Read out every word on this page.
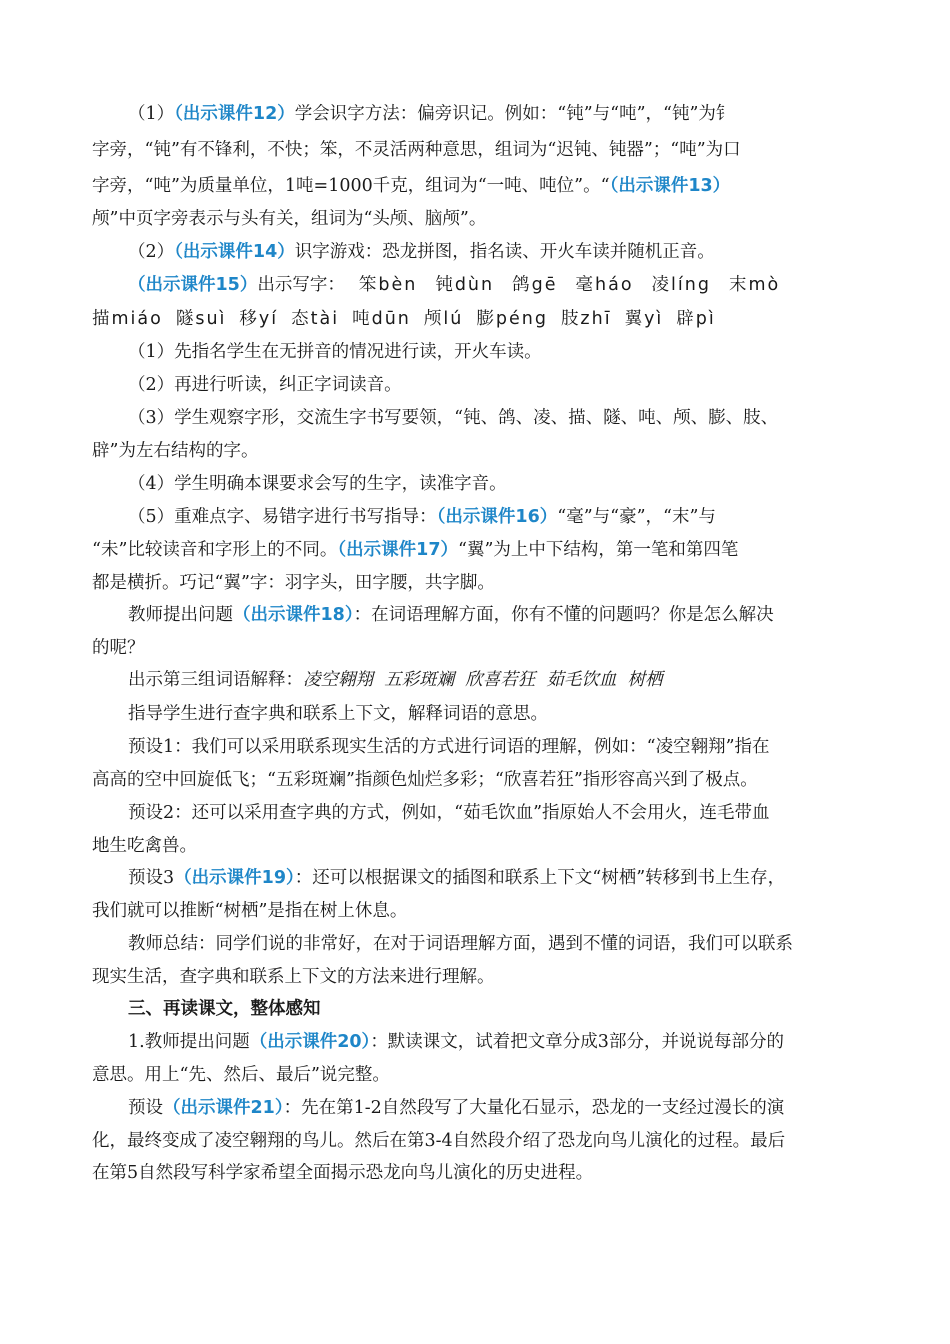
（1）（出示课件12）学会识字方法：偏旁识记。例如：“钝”与“吨”，“钝”为钅
字旁，“钝”有不锋利，不快；笨，不灵活两种意思，组词为“迟钝、钝器”；“吨”为口
字旁，“吨”为质量单位，1吨=1000千克，组词为“一吨、吨位”。“（出示课件13）
颅”中页字旁表示与头有关，组词为“头颅、脑颅”。
（2）（出示课件14）识字游戏：恐龙拼图，指名读、开火车读并随机正音。
（出示课件15）出示写字： 笨bèn 钝dùn 鸽gē 毫háo 凌líng 末mò
描miáo 隧suì 移yí 态tài 吨dūn 颅lú 膨péng 肢zhī 翼yì 辟pì
（1）先指名学生在无拼音的情况进行读，开火车读。
（2）再进行听读，纠正字词读音。
（3）学生观察字形，交流生字书写要领，“钝、鸽、凌、描、隧、吨、颅、膨、肢、
辟”为左右结构的字。
（4）学生明确本课要求会写的生字，读准字音。
（5）重难点字、易错字进行书写指导：（出示课件16）“毫”与“豪”，“末”与
“未”比较读音和字形上的不同。（出示课件17）“翼”为上中下结构，第一笔和第四笔
都是横折。巧记“翼”字：羽字头，田字腰，共字脚。
教师提出问题（出示课件18）：在词语理解方面，你有不懂的问题吗？你是怎么解决
的呢？
出示第三组词语解释：凌空翱翔  五彩斑斓  欣喜若狂  茹毛饮血  树栖
指导学生进行查字典和联系上下文，解释词语的意思。
预设1：我们可以采用联系现实生活的方式进行词语的理解，例如：“凌空翱翔”指在
高高的空中回旋低飞；“五彩斑斓”指颜色灿烂多彩；“欣喜若狂”指形容高兴到了极点。
预设2：还可以采用查字典的方式，例如，“茹毛饮血”指原始人不会用火，连毛带血
地生吃禽兽。
预设3（出示课件19）：还可以根据课文的插图和联系上下文“树栖”转移到书上生存，
我们就可以推断“树栖”是指在树上休息。
教师总结：同学们说的非常好，在对于词语理解方面，遇到不懂的词语，我们可以联系
现实生活，查字典和联系上下文的方法来进行理解。
三、再读课文，整体感知
1.教师提出问题（出示课件20）：默读课文，试着把文章分成3部分，并说说每部分的
意思。用上“先、然后、最后”说完整。
预设（出示课件21）：先在第1-2自然段写了大量化石显示，恐龙的一支经过漫长的演
化，最终变成了凌空翱翔的鸟儿。然后在第3-4自然段介绍了恐龙向鸟儿演化的过程。最后
在第5自然段写科学家希望全面揭示恐龙向鸟儿演化的历史进程。
